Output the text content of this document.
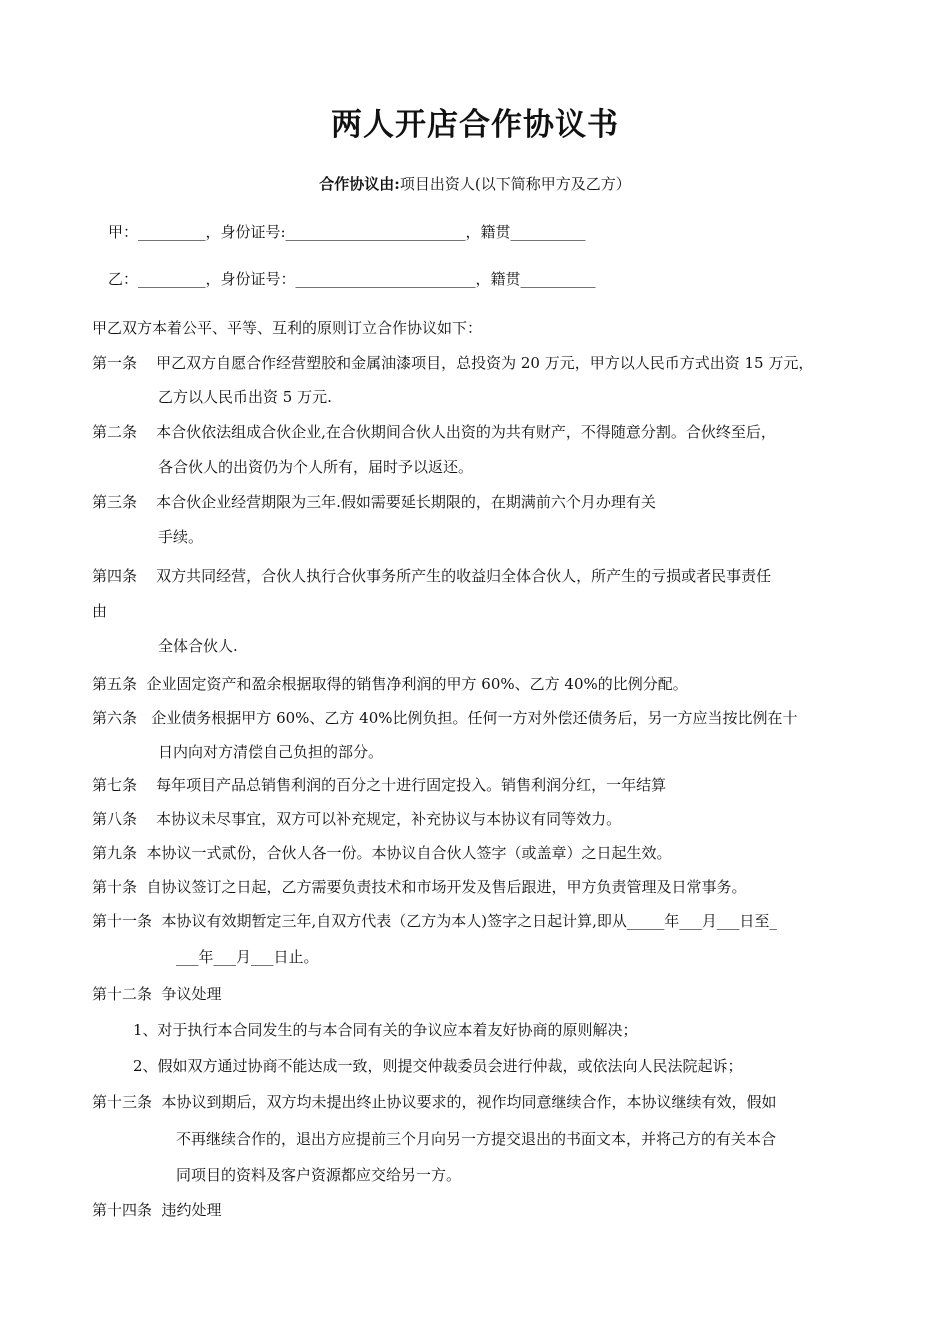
两人开店合作协议书
合作协议由:项目出资人(以下简称甲方及乙方）
甲：_________，身份证号:________________________，籍贯__________
乙：_________，身份证号：________________________，籍贯__________
甲乙双方本着公平、平等、互利的原则订立合作协议如下：
第一条    甲乙双方自愿合作经营塑胶和金属油漆项目，总投资为 20 万元，甲方以人民币方式出资 15 万元，
乙方以人民币出资 5 万元.
第二条    本合伙依法组成合伙企业,在合伙期间合伙人出资的为共有财产，不得随意分割。合伙终至后，
各合伙人的出资仍为个人所有，届时予以返还。
第三条    本合伙企业经营期限为三年.假如需要延长期限的，在期满前六个月办理有关
手续。
第四条    双方共同经营，合伙人执行合伙事务所产生的收益归全体合伙人，所产生的亏损或者民事责任
由
全体合伙人.
第五条  企业固定资产和盈余根据取得的销售净利润的甲方 60%、乙方 40%的比例分配。
第六条   企业债务根据甲方 60%、乙方 40%比例负担。任何一方对外偿还债务后，另一方应当按比例在十
日内向对方清偿自己负担的部分。
第七条    每年项目产品总销售利润的百分之十进行固定投入。销售利润分红，一年结算
第八条    本协议未尽事宜，双方可以补充规定，补充协议与本协议有同等效力。
第九条  本协议一式贰份，合伙人各一份。本协议自合伙人签字（或盖章）之日起生效。
第十条  自协议签订之日起，乙方需要负责技术和市场开发及售后跟进，甲方负责管理及日常事务。
第十一条  本协议有效期暂定三年,自双方代表（乙方为本人)签字之日起计算,即从_____年___月___日至_
___年___月___日止。
第十二条  争议处理
1、对于执行本合同发生的与本合同有关的争议应本着友好协商的原则解决；
2、假如双方通过协商不能达成一致，则提交仲裁委员会进行仲裁，或依法向人民法院起诉；
第十三条  本协议到期后，双方均未提出终止协议要求的，视作均同意继续合作，本协议继续有效，假如
不再继续合作的，退出方应提前三个月向另一方提交退出的书面文本，并将己方的有关本合
同项目的资料及客户资源都应交给另一方。
第十四条  违约处理
